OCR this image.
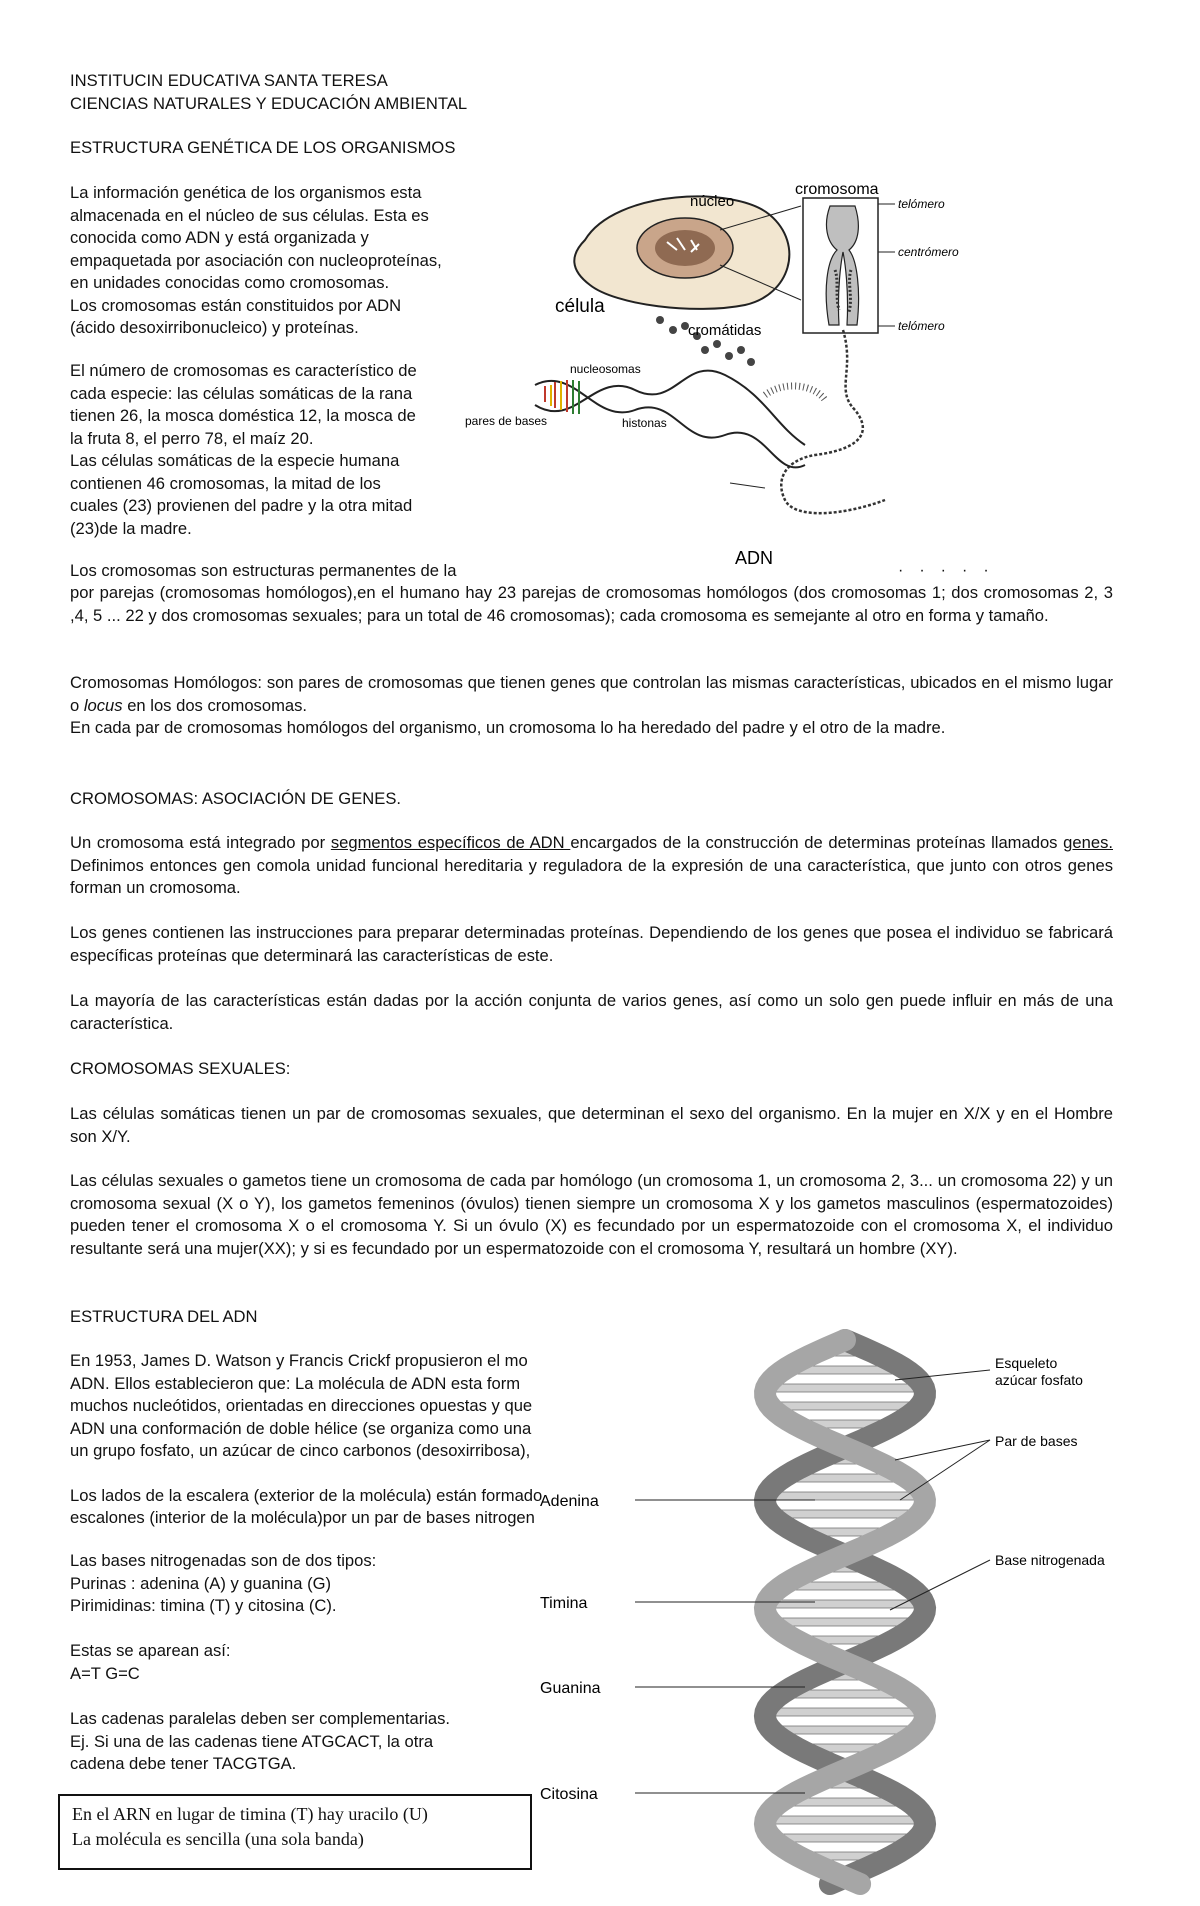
INSTITUCIN EDUCATIVA SANTA TERESA

CIENCIAS NATURALES Y EDUCACIÓN AMBIENTAL

ESTRUCTURA GENÉTICA DE LOS ORGANISMOS

La información genética de los organismos esta
almacenada en el núcleo de sus células. Esta es
conocida como ADN y está organizada y
empaquetada por asociación con nucleoproteínas,
en unidades conocidas como cromosomas.
Los cromosomas están constituidos por ADN
(ácido desoxirribonucleico) y proteínas.

El número de cromosomas es característico de
cada especie: las células somáticas de la rana
tienen 26, la mosca doméstica 12, la mosca de
la fruta 8, el perro 78, el maíz 20.
Las células somáticas de la especie humana
contienen 46 cromosomas, la mitad de los
cuales (23) provienen del padre y la otra mitad
(23)de la madre.

Los cromosomas son estructuras permanentes de la	·····

por parejas (cromosomas homólogos),en el humano hay 23 parejas de cromosomas homólogos (dos cromosomas 1; dos cromosomas 2, 3 ,4, 5 ... 22 y dos cromosomas sexuales; para un total de 46 cromosomas); cada cromosoma es semejante al otro en forma y tamaño.

Cromosomas Homólogos: son pares de cromosomas que tienen genes que controlan las mismas características, ubicados en el mismo lugar o locus en los dos cromosomas.

En cada par de cromosomas homólogos del organismo, un cromosoma lo ha heredado del padre y el otro de la madre.

núcleo
cromosoma
telómero
centrómero
telómero
célula
cromátidas
nucleosomas
pares de bases	histonas
ADN

CROMOSOMAS: ASOCIACIÓN DE GENES.

Un cromosoma está integrado por segmentos específicos de ADN encargados de la construcción de determinas proteínas llamados genes. Definimos entonces gen comola unidad funcional hereditaria y reguladora de la expresión de una característica, que junto con otros genes forman un cromosoma.

Los genes contienen las instrucciones para preparar determinadas proteínas. Dependiendo de los genes que posea el individuo se fabricará específicas proteínas que determinará las características de este.

La mayoría de las características están dadas por la acción conjunta de varios genes, así como un solo gen puede influir en más de una característica.

CROMOSOMAS SEXUALES:

Las células somáticas tienen un par de cromosomas sexuales, que determinan el sexo del organismo. En la mujer en X/X y en el Hombre son X/Y.

Las células sexuales o gametos tiene un cromosoma de cada par homólogo (un cromosoma 1, un cromosoma 2, 3... un cromosoma 22) y un cromosoma sexual (X o Y), los gametos femeninos (óvulos) tienen siempre un cromosoma X y los gametos masculinos (espermatozoides) pueden tener el cromosoma X o el cromosoma Y. Si un óvulo (X) es fecundado por un espermatozoide con el cromosoma X, el individuo resultante será una mujer(XX); y si es fecundado por un espermatozoide con el cromosoma Y, resultará un hombre (XY).

ESTRUCTURA DEL ADN

En 1953, James D. Watson y Francis Crickf propusieron el mo
ADN. Ellos establecieron que: La molécula de ADN esta form
muchos nucleótidos, orientadas en direcciones opuestas y que
ADN una conformación de doble hélice (se organiza como una
un grupo fosfato, un azúcar de cinco carbonos (desoxirribosa),

Los lados de la escalera (exterior de la molécula) están formado
escalones (interior de la molécula)por un par de bases nitrogen

Las bases nitrogenadas son de dos tipos:
Purinas : adenina (A) y guanina (G)
Pirimidinas: timina (T) y citosina (C).

Estas se aparean así:
A=T G=C

Las cadenas paralelas deben ser complementarias.
Ej. Si una de las cadenas tiene ATGCACT, la otra
cadena debe tener TACGTGA.

En el ARN en lugar de timina (T) hay uracilo (U)
La molécula es sencilla (una sola banda)
Esqueleto azúcar fosfato
Par de bases
Adenina
Base nitrogenada
Timina
Guanina
Citosina
